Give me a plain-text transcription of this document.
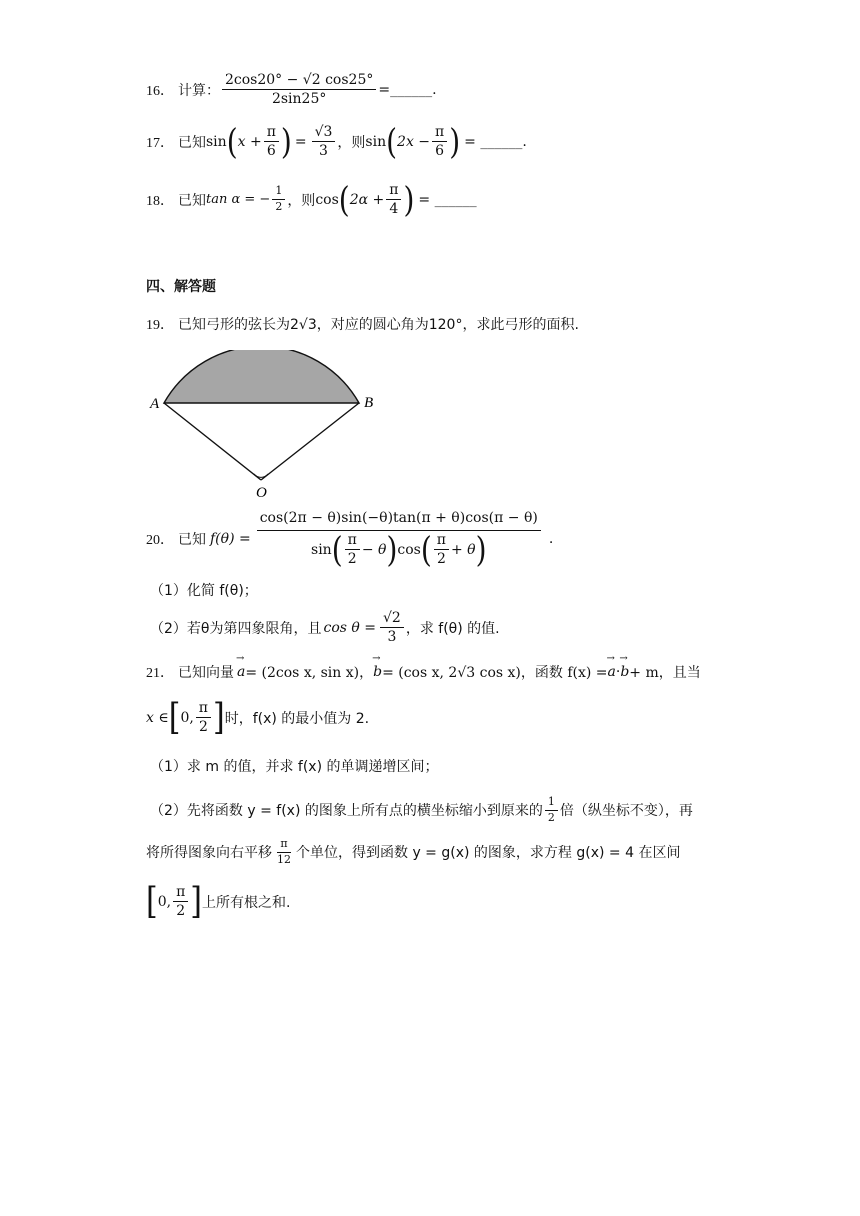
16． 计算： $\frac{2\cos 20^\circ - √2 \cos 25^\circ}{2\sin 25^\circ}$ =______.
17． 已知 sin ( $x + \frac{\pi}{6}$ ) = $\frac{√3}{3}$ ，则 sin ( $2x - \frac{\pi}{6}$ ) = ______.
18． 已知 tan α = − $\frac{1}{2}$ ，则 cos ( $2\alpha + \frac{\pi}{4}$ ) = ______
四、解答题
19． 已知弓形的弦长为2√3，对应的圆心角为120°，求此弓形的面积.
A	B
O
20． 已知 f(θ) =
cos(2π − θ)sin(−θ)tan(π + θ)cos(π − θ)
sin ( $\frac{\pi}{2} - \theta$ ) cos ( $\frac{\pi}{2} + \theta$ )	.
（1）化简 f(θ)；
（2）若θ为第四象限角，且 $\cos \theta = \frac{√2}{3}$ ，求 f(θ) 的值.
21． 已知向量 → a = (2cos x, sin x)， → b = (cos x, 2√3 cos x)，函数 f(x) = → a · → b + m，且当
x ∈ [ 0, $\frac{\pi}{2}$ ] 时，f(x) 的最小值为 2.
（1）求 m 的值，并求 f(x) 的单调递增区间；
（2）先将函数 y = f(x) 的图象上所有点的横坐标缩小到原来的 $\frac{1}{2}$ 倍（纵坐标不变），再
将所得图象向右平移 $\frac{\pi}{12}$ 个单位，得到函数 y = g(x) 的图象，求方程 g(x) = 4 在区间
[ 0, $\frac{\pi}{2}$ ] 上所有根之和.
